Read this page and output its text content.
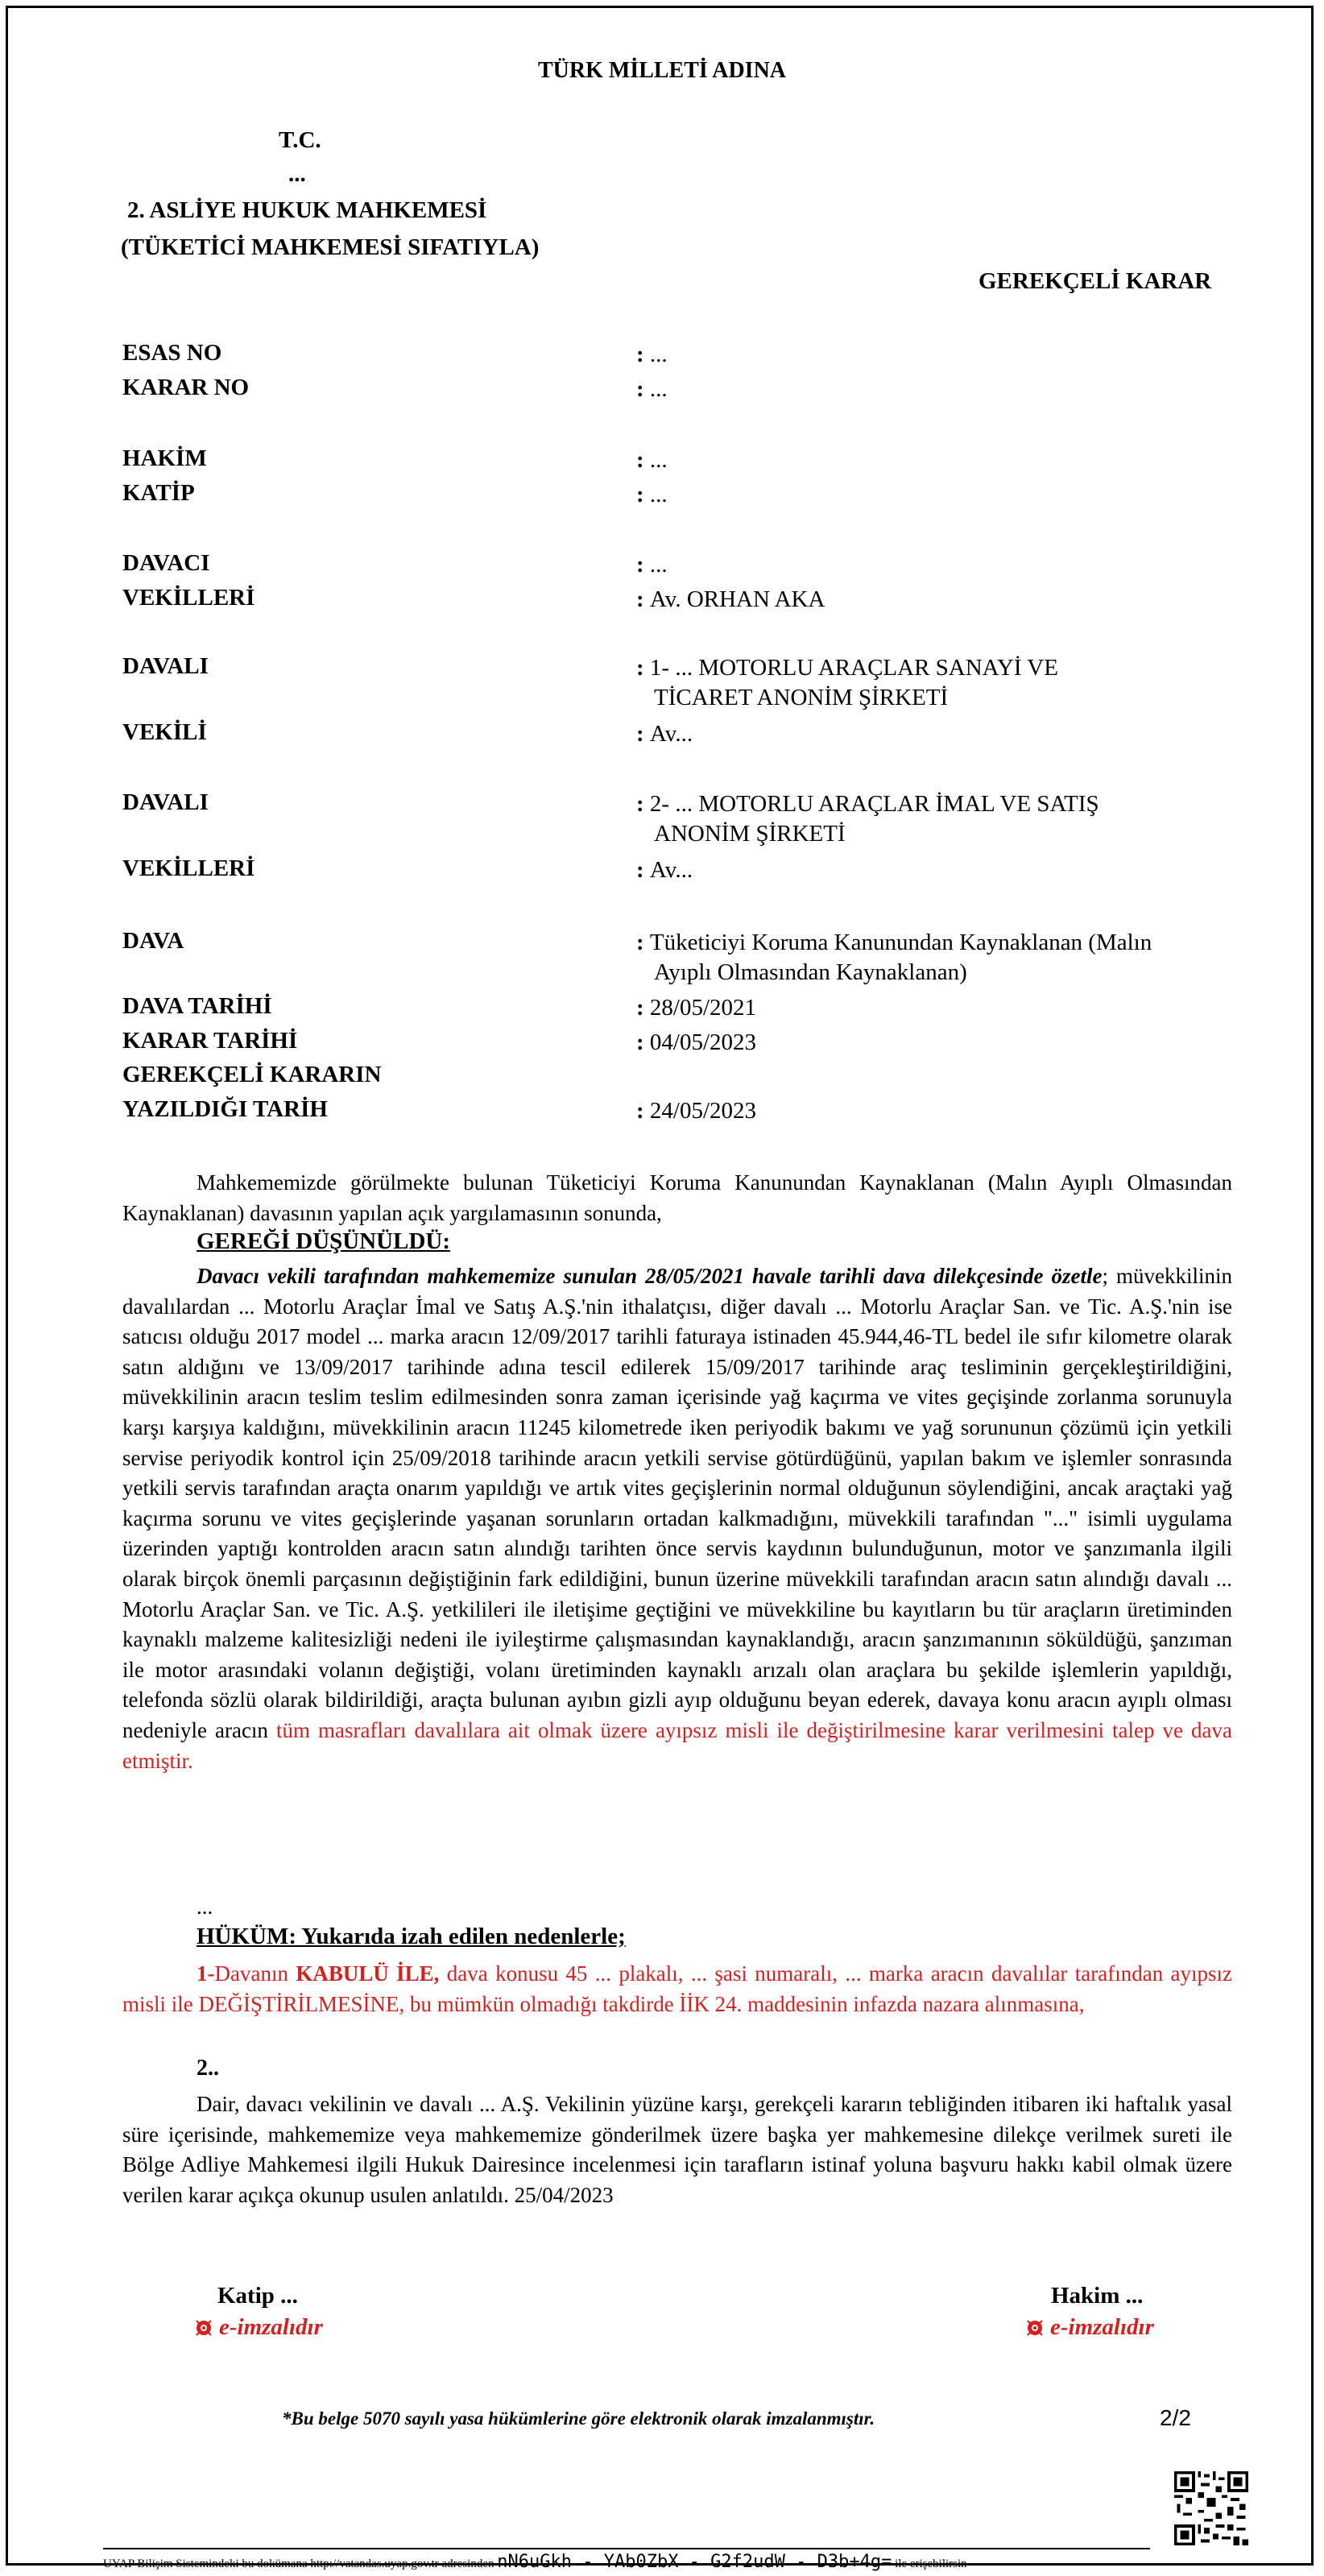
TÜRK MİLLETİ ADINA
T.C.
...
2. ASLİYE HUKUK MAHKEMESİ
(TÜKETİCİ MAHKEMESİ SIFATIYLA)
GEREKÇELİ KARAR
ESAS NO	: ...
KARAR NO	: ...
HAKİM	: ...
KATİP	: ...
DAVACI	: ...
VEKİLLERİ	: Av. ORHAN AKA
DAVALI	: 1- ... MOTORLU ARAÇLAR SANAYİ VE
TİCARET ANONİM ŞİRKETİ
VEKİLİ	: Av...
DAVALI	: 2- ... MOTORLU ARAÇLAR İMAL VE SATIŞ
ANONİM ŞİRKETİ
VEKİLLERİ	: Av...
DAVA	: Tüketiciyi Koruma Kanunundan Kaynaklanan (Malın
Ayıplı Olmasından Kaynaklanan)
DAVA TARİHİ	: 28/05/2021
KARAR TARİHİ	: 04/05/2023
GEREKÇELİ KARARIN
YAZILDIĞI TARİH	: 24/05/2023
Mahkememizde görülmekte bulunan Tüketiciyi Koruma Kanunundan Kaynaklanan (Malın Ayıplı Olmasından Kaynaklanan) davasının yapılan açık yargılamasının sonunda,
GEREĞİ DÜŞÜNÜLDÜ:
Davacı vekili tarafından mahkememize sunulan 28/05/2021 havale tarihli dava dilekçesinde özetle; müvekkilinin davalılardan ... Motorlu Araçlar İmal ve Satış A.Ş.'nin ithalatçısı, diğer davalı ... Motorlu Araçlar San. ve Tic. A.Ş.'nin ise satıcısı olduğu 2017 model ... marka aracın 12/09/2017 tarihli faturaya istinaden 45.944,46-TL bedel ile sıfır kilometre olarak satın aldığını ve 13/09/2017 tarihinde adına tescil edilerek 15/09/2017 tarihinde araç tesliminin gerçekleştirildiğini, müvekkilinin aracın teslim teslim edilmesinden sonra zaman içerisinde yağ kaçırma ve vites geçişinde zorlanma sorunuyla karşı karşıya kaldığını, müvekkilinin aracın 11245 kilometrede iken periyodik bakımı ve yağ sorununun çözümü için yetkili servise periyodik kontrol için 25/09/2018 tarihinde aracın yetkili servise götürdüğünü, yapılan bakım ve işlemler sonrasında yetkili servis tarafından araçta onarım yapıldığı ve artık vites geçişlerinin normal olduğunun söylendiğini, ancak araçtaki yağ kaçırma sorunu ve vites geçişlerinde yaşanan sorunların ortadan kalkmadığını, müvekkili tarafından "..." isimli uygulama üzerinden yaptığı kontrolden aracın satın alındığı tarihten önce servis kaydının bulunduğunun, motor ve şanzımanla ilgili olarak birçok önemli parçasının değiştiğinin fark edildiğini, bunun üzerine müvekkili tarafından aracın satın alındığı davalı ... Motorlu Araçlar San. ve Tic. A.Ş. yetkilileri ile iletişime geçtiğini ve müvekkiline bu kayıtların bu tür araçların üretiminden kaynaklı malzeme kalitesizliği nedeni ile iyileştirme çalışmasından kaynaklandığı, aracın şanzımanının söküldüğü, şanzıman ile motor arasındaki volanın değiştiği, volanı üretiminden kaynaklı arızalı olan araçlara bu şekilde işlemlerin yapıldığı, telefonda sözlü olarak bildirildiği, araçta bulunan ayıbın gizli ayıp olduğunu beyan ederek, davaya konu aracın ayıplı olması nedeniyle aracın tüm masrafları davalılara ait olmak üzere ayıpsız misli ile değiştirilmesine karar verilmesini talep ve dava etmiştir.
...
HÜKÜM: Yukarıda izah edilen nedenlerle;
1-Davanın KABULÜ İLE, dava konusu 45 ... plakalı, ... şasi numaralı, ... marka aracın davalılar tarafından ayıpsız misli ile DEĞİŞTİRİLMESİNE, bu mümkün olmadığı takdirde İİK 24. maddesinin infazda nazara alınmasına,
2..
Dair, davacı vekilinin ve davalı ... A.Ş. Vekilinin yüzüne karşı, gerekçeli kararın tebliğinden itibaren iki haftalık yasal süre içerisinde, mahkememize veya mahkememize gönderilmek üzere başka yer mahkemesine dilekçe verilmek sureti ile Bölge Adliye Mahkemesi ilgili Hukuk Dairesince incelenmesi için tarafların istinaf yoluna başvuru hakkı kabil olmak üzere verilen karar açıkça okunup usulen anlatıldı. 25/04/2023
Katip ...
e-imzalıdır
Hakim ...
e-imzalıdır
*Bu belge 5070 sayılı yasa hükümlerine göre elektronik olarak imzalanmıştır.	2/2
UYAP Bilişim Sistemindeki bu dokümana http://vatandas.uyap.gov.tr adresinden nN6uGkh - YAb0ZbX - G2f2udW - D3b+4g= ile erişebilirsin
